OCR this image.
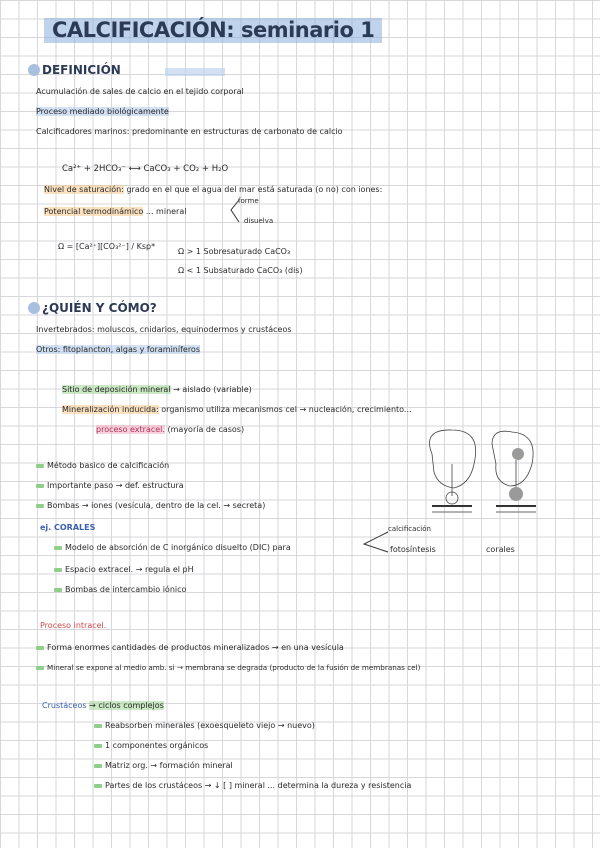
CALCIFICACIÓN: seminario 1
DEFINICIÓN
Acumulación de sales de calcio en el tejido corporal
Proceso mediado biológicamente
Calcificadores marinos: predominante en estructuras de carbonato de calcio
Ca²⁺ + 2HCO₃⁻ ⟷ CaCO₃ + CO₂ + H₂O
Nivel de saturación: grado en el que el agua del mar está saturada (o no) con iones:
Potencial termodinámico ... mineral
forme
disuelva
Ω = [Ca²⁺][CO₃²⁻] / Ksp*
Ω > 1 Sobresaturado CaCO₃
Ω < 1 Subsaturado CaCO₃ (dis)
¿QUIÉN Y CÓMO?
Invertebrados: moluscos, cnidarios, equinodermos y crustáceos
Otros: fitoplancton, algas y foraminíferos
Sitio de deposición mineral → aislado (variable)
Mineralización inducida: organismo utiliza mecanismos cel → nucleación, crecimiento...
proceso extracel. (mayoría de casos)
Método basico de calcificación
Importante paso → def. estructura
Bombas → iones (vesícula, dentro de la cel. → secreta)
ej. CORALES
Modelo de absorción de C inorgánico disuelto (DIC) para
calcificación
fotosíntesis	corales
Espacio extracel. → regula el pH
Bombas de intercambio iónico
Proceso intracel.
Forma enormes cantidades de productos mineralizados → en una vesícula
Mineral se expone al medio amb. si → membrana se degrada (producto de la fusión de membranas cel)
Crustáceos → ciclos complejos
Reabsorben minerales (exoesqueleto viejo → nuevo)
1 componentes orgánicos
Matriz org. → formación mineral
Partes de los crustáceos → ↓ [ ] mineral ... determina la dureza y resistencia
